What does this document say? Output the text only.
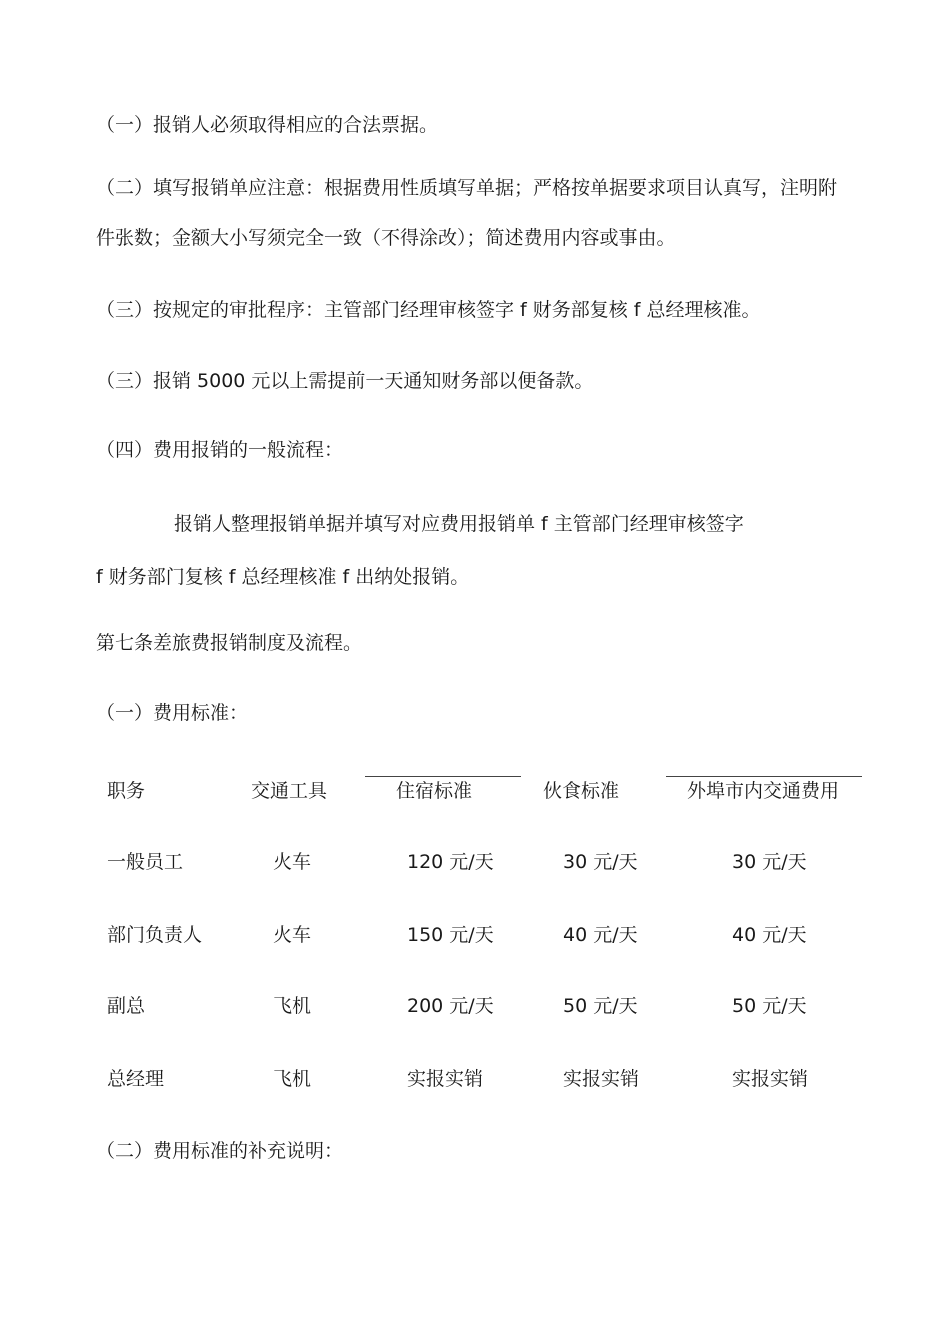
（一）报销人必须取得相应的合法票据。
（二）填写报销单应注意：根据费用性质填写单据；严格按单据要求项目认真写，注明附
件张数；金额大小写须完全一致（不得涂改）；简述费用内容或事由。
（三）按规定的审批程序：主管部门经理审核签字 f 财务部复核 f 总经理核准。
（三）报销 5000 元以上需提前一天通知财务部以便备款。
（四）费用报销的一般流程：
报销人整理报销单据并填写对应费用报销单 f 主管部门经理审核签字
f 财务部门复核 f 总经理核准 f 出纳处报销。
第七条差旅费报销制度及流程。
（一）费用标准：
职务	交通工具	住宿标准	伙食标准	外埠市内交通费用
一般员工	火车	120 元/天	30 元/天	30 元/天
部门负责人	火车	150 元/天	40 元/天	40 元/天
副总	飞机	200 元/天	50 元/天	50 元/天
总经理	飞机	实报实销	实报实销	实报实销
（二）费用标准的补充说明：
